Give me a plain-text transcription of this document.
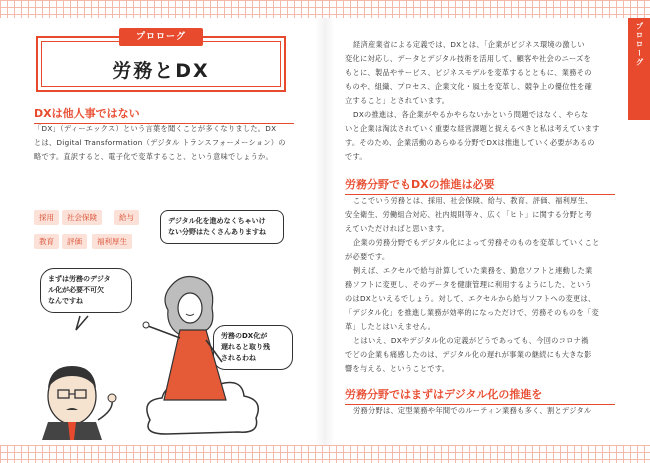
プロローグ
労務とDX
DXは他人事ではない
「DX」（ディーエックス）という言葉を聞くことが多くなりました。DX
とは、Digital Transformation（デジタル トランスフォーメーション）の
略です。直訳すると、電子化で変革すること、という意味でしょうか。
採用	社会保険	給与
教育	評価	福利厚生
デジタル化を進めなくちゃいけ
ない分野はたくさんありますね
まずは労務のデジタ
ル化が必要不可欠
なんですね
労務のDX化が
遅れると取り残
されるわね
プロローグ
経済産業省による定義では、DXとは、「企業がビジネス環境の激しい
変化に対応し、データとデジタル技術を活用して、顧客や社会のニーズを
もとに、製品やサービス、ビジネスモデルを変革するとともに、業務その
ものや、組織、プロセス、企業文化・風土を変革し、競争上の優位性を確
立すること」とされています。
DXの推進は、各企業がやるかやらないかという問題ではなく、やらな
いと企業は淘汰されていく重要な経営課題と捉えるべきと私は考えています
す。そのため、企業活動のあらゆる分野でDXは推進していく必要があるの
です。
労務分野でもDXの推進は必要
ここでいう労務とは、採用、社会保険、給与、教育、評価、福利厚生、
安全衛生、労働組合対応、社内規則等々、広く「ヒト」に関する分野と考
えていただければと思います。
企業の労務分野でもデジタル化によって労務そのものを変革していくこと
が必要です。
例えば、エクセルで給与計算していた業務を、勤怠ソフトと連動した業
務ソフトに変更し、そのデータを健康管理に利用するようにした、という
のはDXといえるでしょう。対して、エクセルから給与ソフトへの変更は、
「デジタル化」を推進し業務が効率的になっただけで、労務そのものを「変
革」したとはいえません。
とはいえ、DXやデジタル化の定義がどうであっても、今回のコロナ禍
でどの企業も痛感したのは、デジタル化の遅れが事業の継続にも大きな影
響を与える、ということです。
労務分野ではまずはデジタル化の推進を
労務分野は、定型業務や年間でのルーティン業務も多く、割とデジタル
